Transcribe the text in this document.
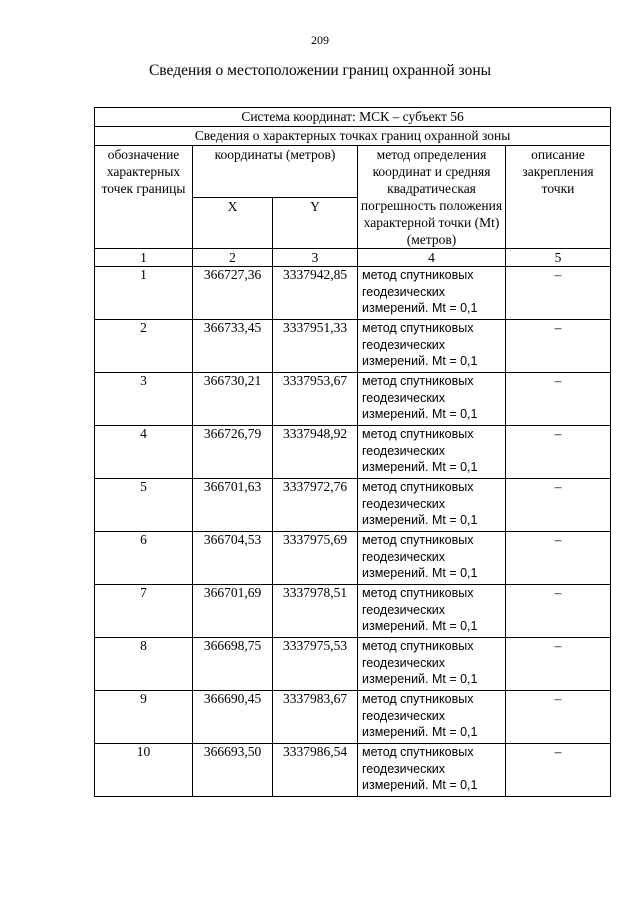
209
Сведения о местоположении границ охранной зоны
Система координат: МСК – субъект 56				
Сведения о характерных точках границ охранной зоны				
обозначение характерных точек границы	координаты (метров)		метод определения координат и средняя квадратическая погрешность положения характерной точки (Mt) (метров)	описание закрепления точки
	X	Y		
1	2	3	4	5
1	366727,36	3337942,85	метод спутниковых геодезических измерений. Mt = 0,1	–
2	366733,45	3337951,33	метод спутниковых геодезических измерений. Mt = 0,1	–
3	366730,21	3337953,67	метод спутниковых геодезических измерений. Mt = 0,1	–
4	366726,79	3337948,92	метод спутниковых геодезических измерений. Mt = 0,1	–
5	366701,63	3337972,76	метод спутниковых геодезических измерений. Mt = 0,1	–
6	366704,53	3337975,69	метод спутниковых геодезических измерений. Mt = 0,1	–
7	366701,69	3337978,51	метод спутниковых геодезических измерений. Mt = 0,1	–
8	366698,75	3337975,53	метод спутниковых геодезических измерений. Mt = 0,1	–
9	366690,45	3337983,67	метод спутниковых геодезических измерений. Mt = 0,1	–
10	366693,50	3337986,54	метод спутниковых геодезических измерений. Mt = 0,1	–
